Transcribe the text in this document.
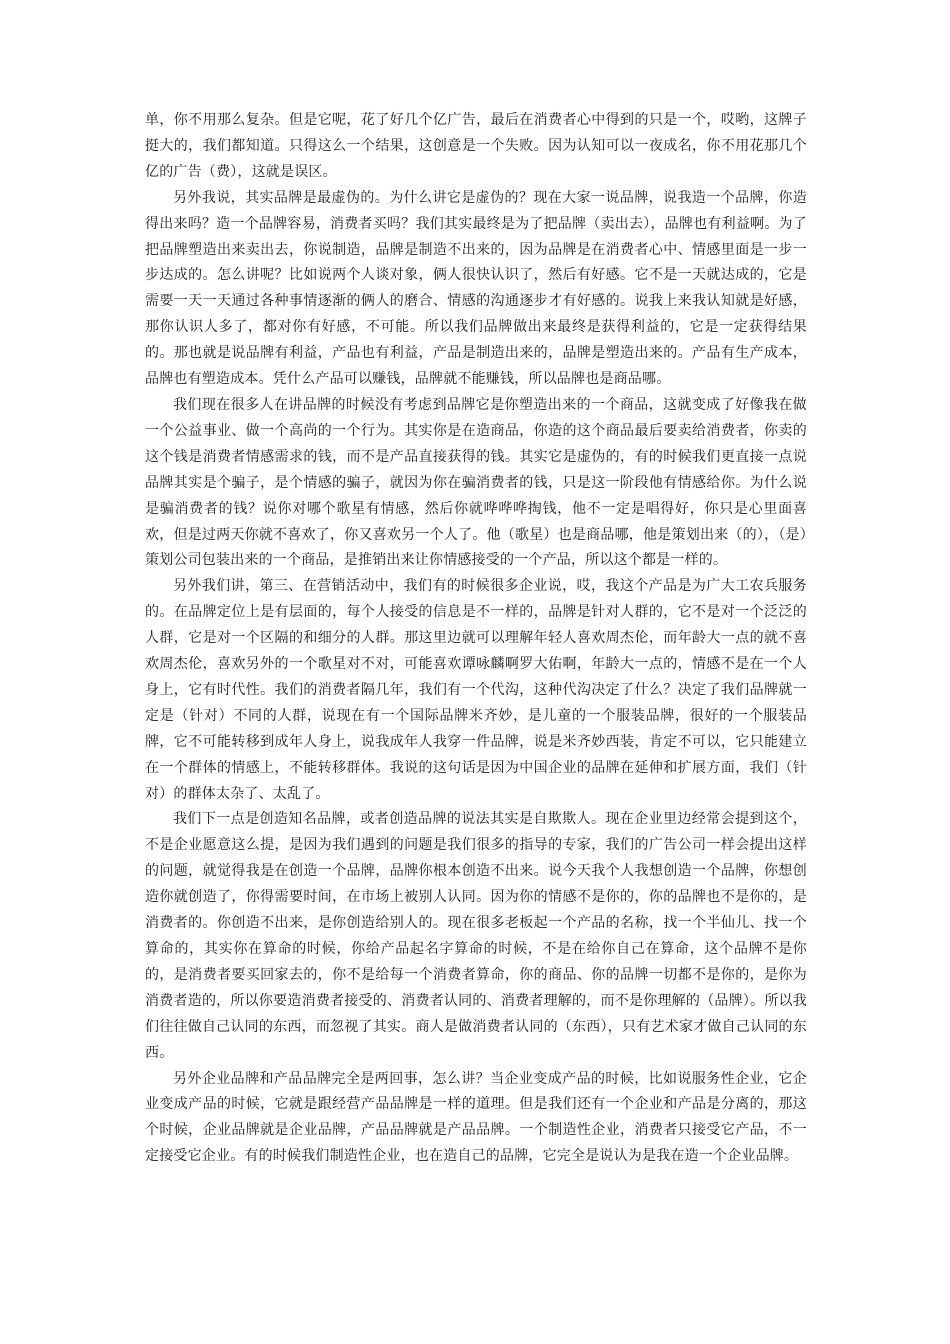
单，你不用那么复杂。但是它呢，花了好几个亿广告，最后在消费者心中得到的只是一个，哎哟，这牌子挺大的，我们都知道。只得这么一个结果，这创意是一个失败。因为认知可以一夜成名，你不用花那几个亿的广告（费），这就是误区。

另外我说，其实品牌是最虚伪的。为什么讲它是虚伪的？现在大家一说品牌，说我造一个品牌，你造得出来吗？造一个品牌容易，消费者买吗？我们其实最终是为了把品牌（卖出去），品牌也有利益啊。为了把品牌塑造出来卖出去，你说制造，品牌是制造不出来的，因为品牌是在消费者心中、情感里面是一步一步达成的。怎么讲呢？比如说两个人谈对象，俩人很快认识了，然后有好感。它不是一天就达成的，它是需要一天一天通过各种事情逐渐的俩人的磨合、情感的沟通逐步才有好感的。说我上来我认知就是好感，那你认识人多了，都对你有好感，不可能。所以我们品牌做出来最终是获得利益的，它是一定获得结果的。那也就是说品牌有利益，产品也有利益，产品是制造出来的，品牌是塑造出来的。产品有生产成本，品牌也有塑造成本。凭什么产品可以赚钱，品牌就不能赚钱，所以品牌也是商品哪。

我们现在很多人在讲品牌的时候没有考虑到品牌它是你塑造出来的一个商品，这就变成了好像我在做一个公益事业、做一个高尚的一个行为。其实你是在造商品，你造的这个商品最后要卖给消费者，你卖的这个钱是消费者情感需求的钱，而不是产品直接获得的钱。其实它是虚伪的，有的时候我们更直接一点说品牌其实是个骗子，是个情感的骗子，就因为你在骗消费者的钱，只是这一阶段他有情感给你。为什么说是骗消费者的钱？说你对哪个歌星有情感，然后你就哗哗哗掏钱，他不一定是唱得好，你只是心里面喜欢，但是过两天你就不喜欢了，你又喜欢另一个人了。他（歌星）也是商品哪，他是策划出来（的），（是）策划公司包装出来的一个商品，是推销出来让你情感接受的一个产品，所以这个都是一样的。

另外我们讲，第三、在营销活动中，我们有的时候很多企业说，哎，我这个产品是为广大工农兵服务的。在品牌定位上是有层面的，每个人接受的信息是不一样的，品牌是针对人群的，它不是对一个泛泛的人群，它是对一个区隔的和细分的人群。那这里边就可以理解年轻人喜欢周杰伦，而年龄大一点的就不喜欢周杰伦，喜欢另外的一个歌星对不对，可能喜欢谭咏麟啊罗大佑啊，年龄大一点的，情感不是在一个人身上，它有时代性。我们的消费者隔几年，我们有一个代沟，这种代沟决定了什么？决定了我们品牌就一定是（针对）不同的人群，说现在有一个国际品牌米齐妙，是儿童的一个服装品牌，很好的一个服装品牌，它不可能转移到成年人身上，说我成年人我穿一件品牌，说是米齐妙西装，肯定不可以，它只能建立在一个群体的情感上，不能转移群体。我说的这句话是因为中国企业的品牌在延伸和扩展方面，我们（针对）的群体太杂了、太乱了。

我们下一点是创造知名品牌，或者创造品牌的说法其实是自欺欺人。现在企业里边经常会提到这个，不是企业愿意这么提，是因为我们遇到的问题是我们很多的指导的专家，我们的广告公司一样会提出这样的问题，就觉得我是在创造一个品牌，品牌你根本创造不出来。说今天我个人我想创造一个品牌，你想创造你就创造了，你得需要时间，在市场上被别人认同。因为你的情感不是你的，你的品牌也不是你的，是消费者的。你创造不出来，是你创造给别人的。现在很多老板起一个产品的名称，找一个半仙儿、找一个算命的，其实你在算命的时候，你给产品起名字算命的时候，不是在给你自己在算命，这个品牌不是你的，是消费者要买回家去的，你不是给每一个消费者算命，你的商品、你的品牌一切都不是你的，是你为消费者造的，所以你要造消费者接受的、消费者认同的、消费者理解的，而不是你理解的（品牌）。所以我们往往做自己认同的东西，而忽视了其实。商人是做消费者认同的（东西），只有艺术家才做自己认同的东西。

另外企业品牌和产品品牌完全是两回事，怎么讲？当企业变成产品的时候，比如说服务性企业，它企业变成产品的时候，它就是跟经营产品品牌是一样的道理。但是我们还有一个企业和产品是分离的，那这个时候，企业品牌就是企业品牌，产品品牌就是产品品牌。一个制造性企业，消费者只接受它产品，不一定接受它企业。有的时候我们制造性企业，也在造自己的品牌，它完全是说认为是我在造一个企业品牌。
